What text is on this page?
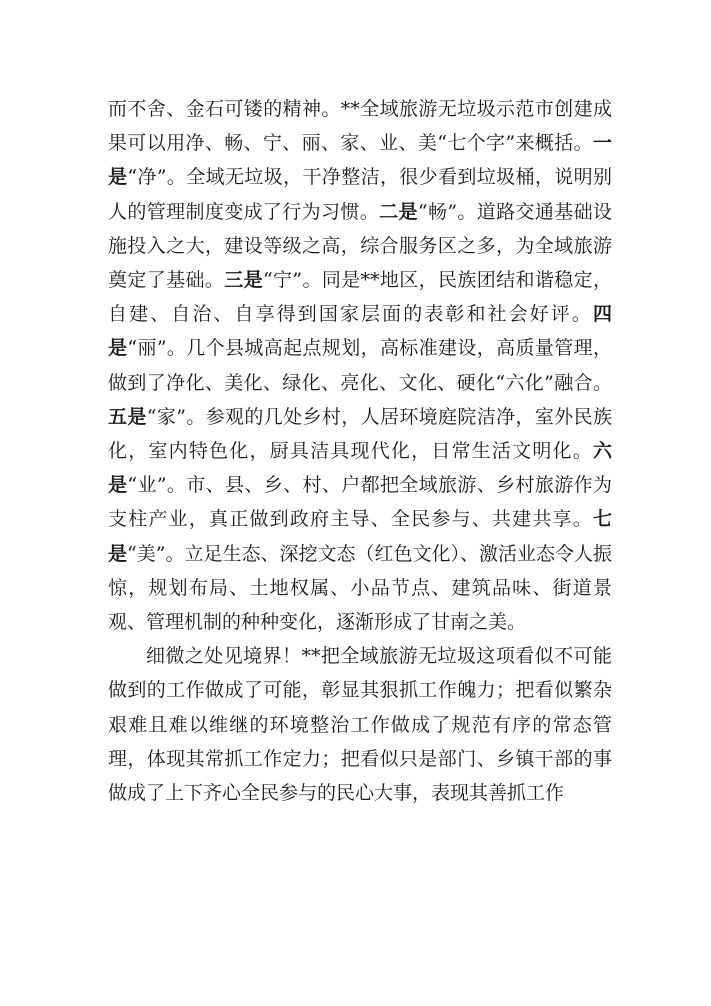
而不舍、金石可镂的精神。**全域旅游无垃圾示范市创建成果可以用净、畅、宁、丽、家、业、美“七个字”来概括。一是“净”。全域无垃圾，干净整洁，很少看到垃圾桶，说明别人的管理制度变成了行为习惯。二是“畅”。道路交通基础设施投入之大，建设等级之高，综合服务区之多，为全域旅游奠定了基础。三是“宁”。同是**地区，民族团结和谐稳定，自建、自治、自享得到国家层面的表彰和社会好评。四是“丽”。几个县城高起点规划，高标准建设，高质量管理，做到了净化、美化、绿化、亮化、文化、硬化“六化”融合。五是“家”。参观的几处乡村，人居环境庭院洁净，室外民族化，室内特色化，厨具洁具现代化，日常生活文明化。六是“业”。市、县、乡、村、户都把全域旅游、乡村旅游作为支柱产业，真正做到政府主导、全民参与、共建共享。七是“美”。立足生态、深挖文态（红色文化）、激活业态令人振惊，规划布局、土地权属、小品节点、建筑品味、街道景观、管理机制的种种变化，逐渐形成了甘南之美。

细微之处见境界！**把全域旅游无垃圾这项看似不可能做到的工作做成了可能，彰显其狠抓工作魄力；把看似繁杂艰难且难以维继的环境整治工作做成了规范有序的常态管理，体现其常抓工作定力；把看似只是部门、乡镇干部的事做成了上下齐心全民参与的民心大事，表现其善抓工作
